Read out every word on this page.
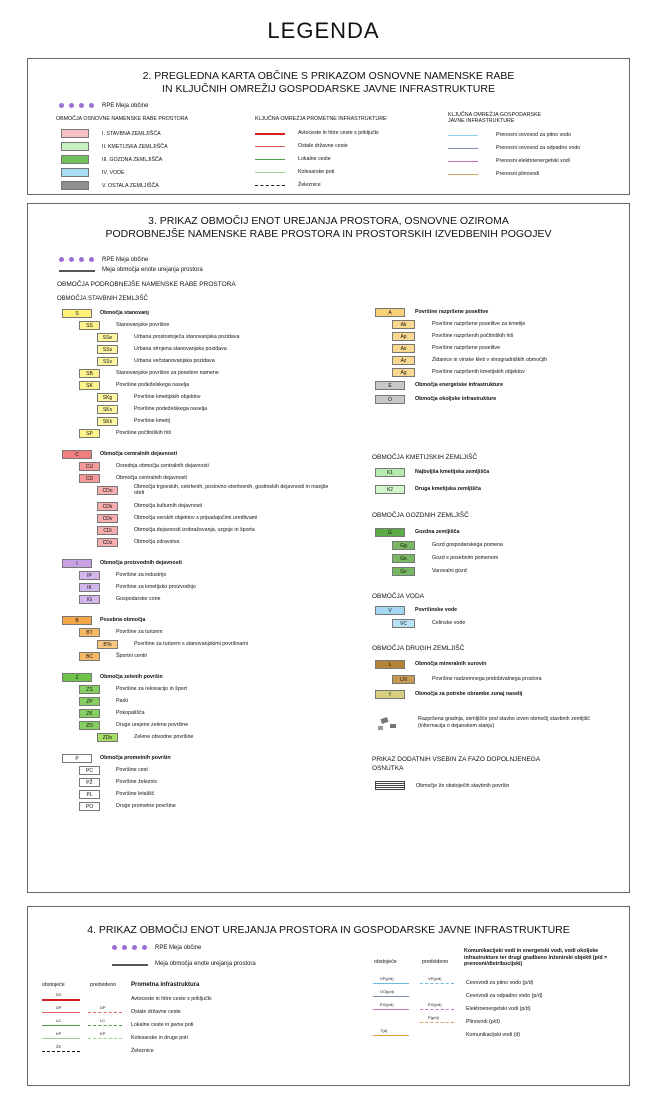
LEGENDA
2. PREGLEDNA KARTA OBČINE S PRIKAZOM OSNOVNE NAMENSKE RABE
IN KLJUČNIH OMREŽIJ GOSPODARSKE JAVNE INFRASTRUKTURE
RPE Meja občine
OBMOČJA OSNOVNE NAMENSKE RABE PROSTORA	KLJUČNA OMREŽJA PROMETNE INFRASTRUKTURE
KLJUČNA OMREŽJA GOSPODARSKE
JAVNE INFRASTRUKTURE
I. STAVBNA ZEMLJIŠČA
II. KMETIJSKA ZEMLJIŠČA
III. GOZDNA ZEMLJIŠČA
IV. VODE
V. OSTALA ZEMLJIŠČA
Avtoceste in hitre ceste s priključki
Ostale državne ceste
Lokalne ceste
Kolesarske poti
Železnice
Prenosni cevovod za pitno vodo
Prenosni cevovod za odpadno vodo
Prenosni elektroenergetski vodi
Prenosni plinovodi
3. PRIKAZ OBMOČIJ ENOT UREJANJA PROSTORA, OSNOVNE OZIROMA
PODROBNEJŠE NAMENSKE RABE PROSTORA IN PROSTORSKIH IZVEDBENIH POGOJEV
RPE Meja občine
Meja območja enote urejanja prostora
OBMOČJA PODROBNEJŠE NAMENSKE RABE PROSTORA
OBMOČJA STAVBNIH ZEMLJIŠČ
S	Območja stanovanj
SS	Stanovanjske površine
SSe	Urbana prostostoječa stanovanjska pozidava
SSs	Urbana strnjena stanovanjska pozidava
SSv	Urbana večstanovanjska pozidava
SB	Stanovanjske površine za posebne namene
SK	Površine podeželskega naselja
SKg	Površine kmetijskih objektov
SKs	Površine podeželskega naselja
SKk	Površine kmetij
SP	Površine počitniških hiš
C	Območja centralnih dejavnosti
CU	Osrednja območja centralnih dejavnosti
CD	Območja centralnih dejavnosti
CDo
Območja trgovskih, cekrtenih, poslovno-storitvenih, gostinskih dejavnosti in manjše obrti
CDk	Območja kulturnih dejavnosti
CDv	Območja verskih objektov s pripadajočimi ureditvami
CDi	Območja dejavnosti izobraževanja, vzgoje in športa
CDz	Območja zdravstva
I	Območja proizvodnih dejavnosti
IP	Površine za industrijo
IK	Površine za kmetijsko proizvodnjo
IG	Gospodarske cone
B	Posebna območja
BT	Površine za turizem
BTs	Površine za turizem s stanovanjskimi površinami
BC	Športni centri
Z	Območja zelenih površin
ZS	Površine za rekreacijo in šport
ZP	Parki
ZK	Pokopališča
ZD	Druge urejene zelene površine
ZDo	Zelene obvodne površine
P	Območja prometnih površin
PC	Površine cest
PŽ	Površine železnic
PL	Površine letališč
PO	Druge prometne površine
A	Površine razpršene poselitve
Ak	Površine razpršene poselitve za kmetije
Ap	Površine razpršenih počitniških hiš
As	Površine razpršene poselitve
Az	Zidanice in vinske kleti v vinogradniških območjih
Ag	Površine razpršenih kmetijskih objektov
E	Območja energetske infrastrukture
O	Območja okoljske infrastrukture
OBMOČJA KMETIJSKIH ZEMLJIŠČ
K1	Najboljša kmetijska zemljišča
K2	Druga kmetijska zemljišča
OBMOČJA GOZDNIH ZEMLJIŠČ
G	Gozdna zemljišča
Gg	Gozd gospodarskega pomena
Gs	Gozd s posebnim pomenom
Gv	Varovalni gozd
OBMOČJA VODA
V	Površinske vode
VC	Celinske vode
OBMOČJA DRUGIH ZEMLJIŠČ
L	Območja mineralnih surovin
LN	Površine nadzemnega pridobivalnega prostora
f	Območja za potrebe obrambe zunaj naselij
Razpršena gradnja, zemljišče pod stavbo izven območij stavbnih zemljišč (informacija o dejanskem stanju)
PRIKAZ DODATNIH VSEBIN ZA FAZO DOPOLNJENEGA
OSNUTKA
Območje že obstoječih stavbnih površin
4. PRIKAZ OBMOČIJ ENOT UREJANJA PROSTORA IN GOSPODARSKE JAVNE INFRASTRUKTURE
RPE Meja občine
Meja območja enote urejanja prostora
obstoječe	predvideno Prometna infrastruktura
obstoječe	predvideno
Komunikacijski vodi in energetski vodi, vodi okoljske infrastrukture ter drugi gradbeno inženirski objekti (p/d = prenosni/distribucijski)
DC
Avtoceste in hitre ceste s priključki
DP	DP
Ostale državne ceste
LC	LC
Lokalne ceste in javne poti
KP	KP
Kolesarske in druge poti
ŽE
Železnice
VP(p/d)	VP(p/d)
Cevovodi za pitno vodo (p/d)
VO(p/d)
Cevovodi za odpadno vodo (p/d)
EV(p/d)	EV(p/d)
Elektroenergetski vodi (p/d)
P(p/d)
Plinovodi (p/d)
T(d)
Komunikacijski vodi (d)
